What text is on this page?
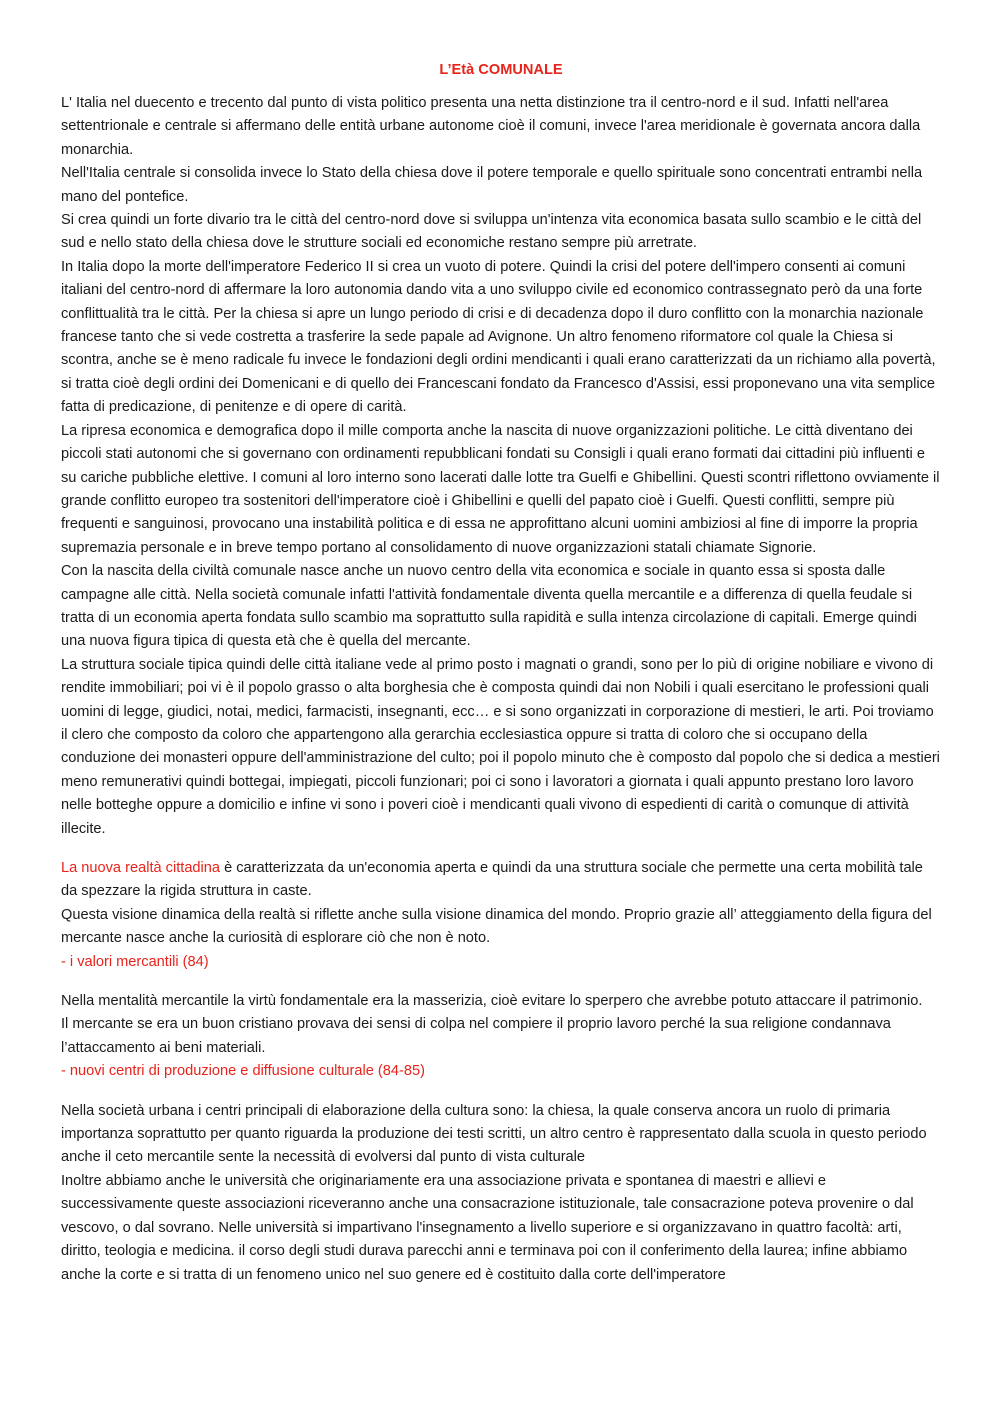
L’Età COMUNALE

L' Italia nel duecento e trecento dal punto di vista politico presenta una netta distinzione tra il centro-nord e il sud. Infatti nell'area settentrionale e centrale si affermano delle entità urbane autonome cioè il comuni, invece l'area meridionale è governata ancora dalla monarchia.

Nell'Italia centrale si consolida invece lo Stato della chiesa dove il potere temporale e quello spirituale sono concentrati entrambi nella mano del pontefice.

Si crea quindi un forte divario tra le città del centro-nord dove si sviluppa un'intenza vita economica basata sullo scambio e le città del sud e nello stato della chiesa dove le strutture sociali ed economiche restano sempre più arretrate.

In Italia dopo la morte dell'imperatore Federico II si crea un vuoto di potere. Quindi la crisi del potere dell'impero consenti ai comuni italiani del centro-nord di affermare la loro autonomia dando vita a uno sviluppo civile ed economico contrassegnato però da una forte conflittualità tra le città. Per la chiesa si apre un lungo periodo di crisi e di decadenza dopo il duro conflitto con la monarchia nazionale francese tanto che si vede costretta a trasferire la sede papale ad Avignone. Un altro fenomeno riformatore col quale la Chiesa si scontra, anche se è meno radicale fu invece le fondazioni degli ordini mendicanti i quali erano caratterizzati da un richiamo alla povertà, si tratta cioè degli ordini dei Domenicani e di quello dei Francescani fondato da Francesco d'Assisi, essi proponevano una vita semplice fatta di predicazione, di penitenze e di opere di carità.

La ripresa economica e demografica dopo il mille comporta anche la nascita di nuove organizzazioni politiche. Le città diventano dei piccoli stati autonomi che si governano con ordinamenti repubblicani fondati su Consigli i quali erano formati dai cittadini più influenti e su cariche pubbliche elettive. I comuni al loro interno sono lacerati dalle lotte tra Guelfi e Ghibellini. Questi scontri riflettono ovviamente il grande conflitto europeo tra sostenitori dell'imperatore cioè i Ghibellini e quelli del papato cioè i Guelfi. Questi conflitti, sempre più frequenti e sanguinosi, provocano una instabilità politica e di essa ne approfittano alcuni uomini ambiziosi al fine di imporre la propria supremazia personale e in breve tempo portano al consolidamento di nuove organizzazioni statali chiamate Signorie.

Con la nascita della civiltà comunale nasce anche un nuovo centro della vita economica e sociale in quanto essa si sposta dalle campagne alle città. Nella società comunale infatti l'attività fondamentale diventa quella mercantile e a differenza di quella feudale si tratta di un economia aperta fondata sullo scambio ma soprattutto sulla rapidità e sulla intenza circolazione di capitali. Emerge quindi una nuova figura tipica di questa età che è quella del mercante.

La struttura sociale tipica quindi delle città italiane vede al primo posto i magnati o grandi, sono per lo più di origine nobiliare e vivono di rendite immobiliari; poi vi è il popolo grasso o alta borghesia che è composta quindi dai non Nobili i quali esercitano le professioni quali uomini di legge, giudici, notai, medici, farmacisti, insegnanti, ecc… e si sono organizzati in corporazione di mestieri, le arti. Poi troviamo il clero che composto da coloro che appartengono alla gerarchia ecclesiastica oppure si tratta di coloro che si occupano della conduzione dei monasteri oppure dell'amministrazione del culto; poi il popolo minuto che è composto dal popolo che si dedica a mestieri meno remunerativi quindi bottegai, impiegati, piccoli funzionari; poi ci sono i lavoratori a giornata i quali appunto prestano loro lavoro nelle botteghe oppure a domicilio e infine vi sono i poveri cioè i mendicanti quali vivono di espedienti di carità o comunque di attività illecite.

La nuova realtà cittadina è caratterizzata da un'economia aperta e quindi da una struttura sociale che permette una certa mobilità tale da spezzare la rigida struttura in caste.

Questa visione dinamica della realtà si riflette anche sulla visione dinamica del mondo. Proprio grazie all’ atteggiamento della figura del mercante nasce anche la curiosità di esplorare ciò che non è noto.

- i valori mercantili (84)

Nella mentalità mercantile la virtù fondamentale era la masserizia, cioè evitare lo sperpero che avrebbe potuto attaccare il patrimonio.

Il mercante se era un buon cristiano provava dei sensi di colpa nel compiere il proprio lavoro perché la sua religione condannava l’attaccamento ai beni materiali.

- nuovi centri di produzione e diffusione culturale (84-85)

Nella società urbana i centri principali di elaborazione della cultura sono: la chiesa, la quale conserva ancora un ruolo di primaria importanza soprattutto per quanto riguarda la produzione dei testi scritti, un altro centro è rappresentato dalla scuola in questo periodo anche il ceto mercantile sente la necessità di evolversi dal punto di vista culturale

Inoltre abbiamo anche le università che originariamente era una associazione privata e spontanea di maestri e allievi e successivamente queste associazioni riceveranno anche una consacrazione istituzionale, tale consacrazione poteva provenire o dal vescovo, o dal sovrano. Nelle università si impartivano l'insegnamento a livello superiore e si organizzavano in quattro facoltà: arti, diritto, teologia e medicina. il corso degli studi durava parecchi anni e terminava poi con il conferimento della laurea; infine abbiamo anche la corte e si tratta di un fenomeno unico nel suo genere ed è costituito dalla corte dell'imperatore
